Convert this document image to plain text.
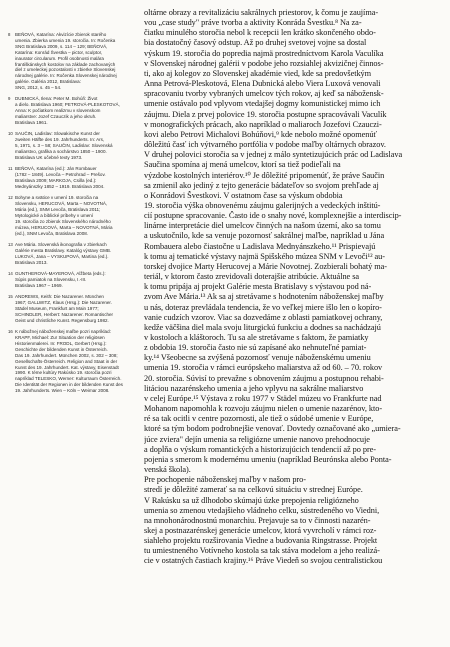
8	BEŇOVÁ, Katarína: Akvizície zbierok starého
umenia. Zbierka umenia 19. storočia. In: Ročenka
SNG Bratislava 2009, s. 114 – 129; BEŇOVÁ,
Katarína: Konrád Švestka – pictor, sculptor,
inaurator circularum. Profil osobnosti malára
františkánskych kostolov na základe zachovaných
diel z umeleckej pozostalosti v zbierke Slovenskej
národnej galérie. In: Ročenka Slovenskej národnej
galérie. Galéria 2012, Bratislava:
SNG, 2012, s. 45 – 54.
9	DUBNICKÁ, Ilena: Peter M. Bohúň: Život
a dielo. Bratislava 1960; PETROVÁ-PLESKOTOVÁ,
Anna: K počiatkom realizmu v slovenskom
maliarstve: Jozef Czauczik a jeho okruh.
Bratislava 1961.
10 SAUČIN, Ladislav: Slowakische Kunst der
zweiten Hälfte des 19. Jahrhunderts. In: Ars,
5, 1971, s. 3 – 58; SAUČIN, Ladislav: Slovenská
maliarstvo, grafika a sochárstvo 1850 – 1900.
Bratislava UK učebné texty 1973.
11 BEŇOVÁ, Katarína (ed.): Ján Rombauer
(1782 – 1849). Levoča – Petrohrad – Prešov.
Bratislava 2009; MARKOJA, Csilla (ed.):
Mednyánszky 1852 – 1919. Bratislava 2004.
12 Bohyne a svätice v umení 19. storočia na
Slovensku, HERUCOVÁ, Marta – NOVOTNÁ,
Mária (ed.), SNM Levoča, Bratislava 2011;
Mytologické a biblické príbehy v umení
19. storočia zo zbierok Slovenského národného
múzea, HERUCOVÁ, Marta – NOVOTNÁ, Mária
(ed.), SNM Levoča, Bratislava 2008.
13 Ave Mária. Slovenská ikonografia v zbierkach
Galérie mesta Bratislavy. Katalóg výstavy GMB.
LUKOVÁ, Jana – VYSKUPOVÁ, Martina (ed.).
Bratislava 2013.
14 GUNTHEROVÁ-MAYEROVÁ, Alžbeta (eds.):
Súpis pamiatok na Slovensku, I.-III.
Bratislava 1967 – 1969.
15 ANDREWS, Keith: Die Nazarener. München
1967; GALLWITZ, Klaus (Hrsg.): Die Nazarener.
Städel Museum, Frankfurt am Main 1977;
SCHINDLER, Herbert: Nazarener. Romantischer
Geist und christliche Kunst. Regensburg 1982.
16 K nábožnej náboženskej maľbe pozri napríklad:
KRAPF, Michael: Zur Situation der religiösen
Historienmalerei. In: FRODL, Gerbert (Hrsg.):
Geschichte der bildenden Kunst in Österreich.
Das 19. Jahrhundert. München 2002, s. 302 – 308;
Gesellschafts-Österreich. Religion and Staat in der
Kunst des 19. Jahrhundert. Kat. výstavy, Eisenstadt
1990. K téme kultúry Rakúsko 19. storočia pozri
napríklad TELESKO, Werner: Kulturraum Österreich.
Die Identität der Regionen in der bildenden Kunst des
19. Jahrhunderts. Wien – Köln – Weimar 2008.
oltárne obrazy a revitalizáciu sakrálnych priestorov, k čomu je zaujíma-
vou „case study" práve tvorba a aktivity Konráda Švestku.⁸ Na za-
čiatku minulého storočia nebol k recepcii len krátko skončeného obdo-
bia dostatočný časový odstup. Až po druhej svetovej vojne sa dostal
výskum 19. storočia do popredia najmä prostredníctvom Karola Vaculíka
v Slovenskej národnej galérii v podobe jeho rozsiahlej akvizičnej činnos-
ti, ako aj kolegov zo Slovenskej akadémie vied, kde sa predovšetkým
Anna Petrová-Pleskotová, Elena Dubnická alebo Viera Luxová venovali
spracovaniu tvorby vybraných umelcov tých rokov, aj keď sa nábožensk-
umenie ostávalo pod vplyvom vtedajšej dogmy komunistickej mimo ich
záujmu. Diela z prvej polovice 19. storočia postupne spracovávali Vaculík
v monografických prácach, ako napríklad o maliaroch Jozefovi Czauczi-
kovi alebo Petrovi Michalovi Bohúňovi,⁹ kde nebolo možné opomenúť
dôležitú časť ich výtvarného portfólia v podobe maľby oltárnych obrazov.
V druhej polovici storočia sa v jednej z málo syntetizujúcich prác od Ladislava
Saučina spomína aj mená umelcov, ktorí sa tiež podieľali na
výzdobe kostolných interiérov.¹⁰ Je dôležité pripomenúť, že práve Saučin
sa zmienil ako jediný z tejto generácie bádateľov so svojom prehľade aj
o Konrádovi Švestkovi. V ostatnom čase sa výskum obdobia
19. storočia výška obnovenému záujmu galerijných a vedeckých inštitú-
cií postupne spracovanie. Často ide o snahy nové, komplexnejšie a interdiscip-
linárne interpretácie diel umelcov činných na našom území, ako sa tomu
a uskutočnilo, kde sa venuje pozornosť sakrálnej maľbe, napríklad u Jána
Rombauera alebo čiastočne u Ladislava Mednyánszkeho.¹¹ Prispievajú
k tomu aj tematické výstavy najmä Spišského múzea SNM v Levoči¹² au-
torskej dvojice Marty Herucovej a Márie Novotnej. Zozbierali bohatý ma-
teriál, v ktorom často zrevidovali doterajšie atribúcie. Aktuálne sa
k tomu pripája aj projekt Galérie mesta Bratislavy s výstavou pod ná-
zvom Ave Mária.¹³ Ak sa aj stretávame s hodnotením náboženskej maľby
u nás, doteraz prevládala tendencia, že vo veľkej miere išlo len o kopíro-
vanie cudzích vzorov. Viac sa dozvedáme z oblasti pamiatkovej ochrany,
kedže väčšina diel mala svoju liturgickú funkciu a dodnes sa nachádzajú
v kostoloch a kláštoroch. Tu sa ale stretávame s faktom, že pamiatky
z obdobia 19. storočia často nie sú zapísané ako nehnuteľné pamiat-
ky.¹⁴ Všeobecne sa zvýšená pozornosť venuje náboženskému umeniu
umenia 19. storočia v rámci európskeho maliarstva až od 60. – 70. rokov
20. storočia. Súvisí to prevažne s obnovením záujmu a postupnou rehabi-
litáciou nazarénskeho umenia a jeho vplyvu na sakrálne maliarstvo
v celej Európe.¹⁵ Výstava z roku 1977 v Städel múzeu vo Frankfurte nad
Mohanom napomohla k rozvoju záujmu nielen o umenie nazarénov, kto-
ré sa tak ocitli v centre pozornosti, ale tiež o súdobé umenie v Európe,
ktoré sa tým bodom podrobnejšie venovať. Dovtedy označované ako „umiera-
júce zviera" dejín umenia sa religiózne umenie nanovo prehodnocuje
a dopĺňa o výskum romantických a historizujúcich tendencií až po pre-
pojenia s smerom k modernému umeniu (napríklad Beurónska alebo Ponta-
venská škola).
Pre pochopenie náboženskej maľby v našom pro-
stredí je dôležité zamerať sa na celkovú situáciu v strednej Európe.
V Rakúsku sa už dlhodobo skúmajú úzke prepojenia religiózneho
umenia so zmenou vtedajšieho vládneho celku, sústredeného vo Viedni,
na mnohonárodnostnú monarchiu. Prejavuje sa to v činnosti nazarén-
skej a postnazarénskej generácie umelcov, ktorá vyvrcholí v rámci roz-
siahleho projektu rozširovania Viedne a budovania Ringstrasse. Projekt
tu umiestneného Votívneho kostola sa tak stáva modelom a jeho realizá-
cie v ostatných častiach krajiny.¹⁶ Práve Viedeň so svojou centralistickou
